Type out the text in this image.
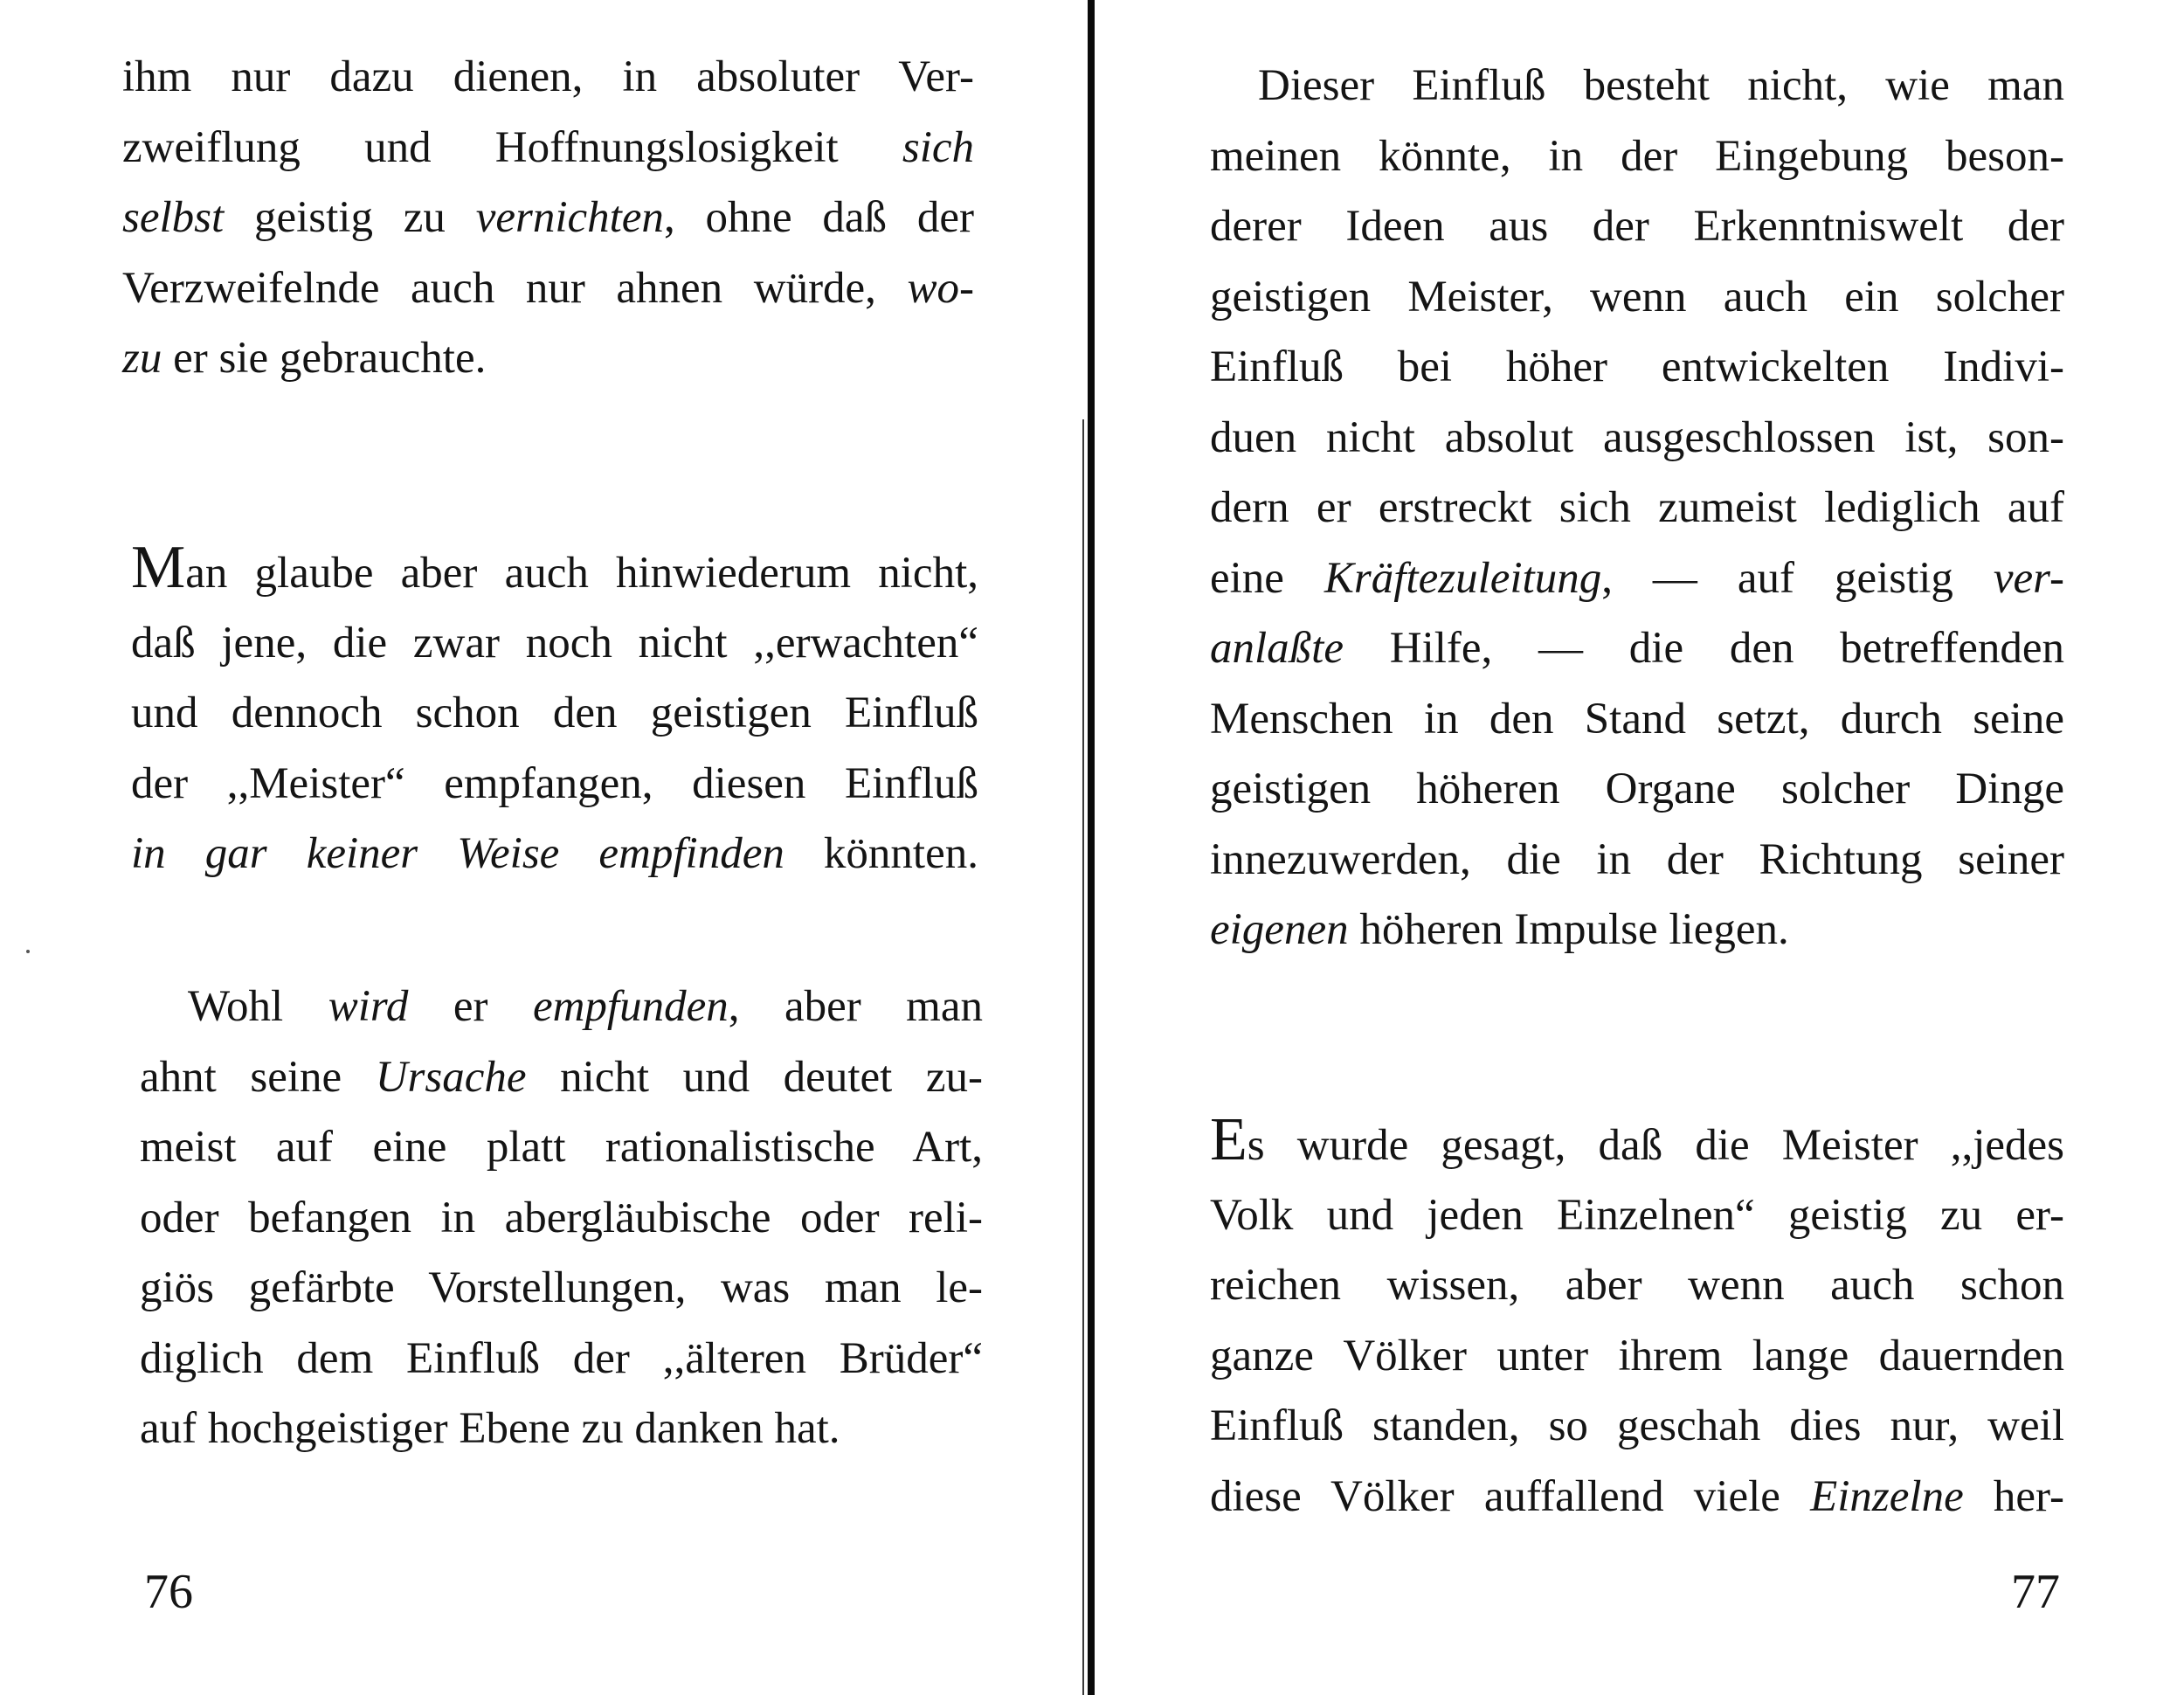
ihm nur dazu dienen, in absoluter Ver-
zweiflung und Hoffnungslosigkeit sich
selbst geistig zu vernichten, ohne daß der
Verzweifelnde auch nur ahnen würde, wo-
zu er sie gebrauchte.

Man glaube aber auch hinwiederum nicht,
daß jene, die zwar noch nicht ,,erwachten“
und dennoch schon den geistigen Einfluß
der ,,Meister“ empfangen, diesen Einfluß
in gar keiner Weise empfinden könnten.

Wohl wird er empfunden, aber man
ahnt seine Ursache nicht und deutet zu-
meist auf eine platt rationalistische Art,
oder befangen in abergläubische oder reli-
giös gefärbte Vorstellungen, was man le-
diglich dem Einfluß der ,,älteren Brüder“
auf hochgeistiger Ebene zu danken hat.

76

Dieser Einfluß besteht nicht, wie man
meinen könnte, in der Eingebung beson-
derer Ideen aus der Erkenntniswelt der
geistigen Meister, wenn auch ein solcher
Einfluß bei höher entwickelten Indivi-
duen nicht absolut ausgeschlossen ist, son-
dern er erstreckt sich zumeist lediglich auf
eine Kräftezuleitung, — auf geistig ver-
anlaßte Hilfe, — die den betreffenden
Menschen in den Stand setzt, durch seine
geistigen höheren Organe solcher Dinge
innezuwerden, die in der Richtung seiner
eigenen höheren Impulse liegen.

Es wurde gesagt, daß die Meister ,,jedes
Volk und jeden Einzelnen“ geistig zu er-
reichen wissen, aber wenn auch schon
ganze Völker unter ihrem lange dauernden
Einfluß standen, so geschah dies nur, weil
diese Völker auffallend viele Einzelne her-

77
